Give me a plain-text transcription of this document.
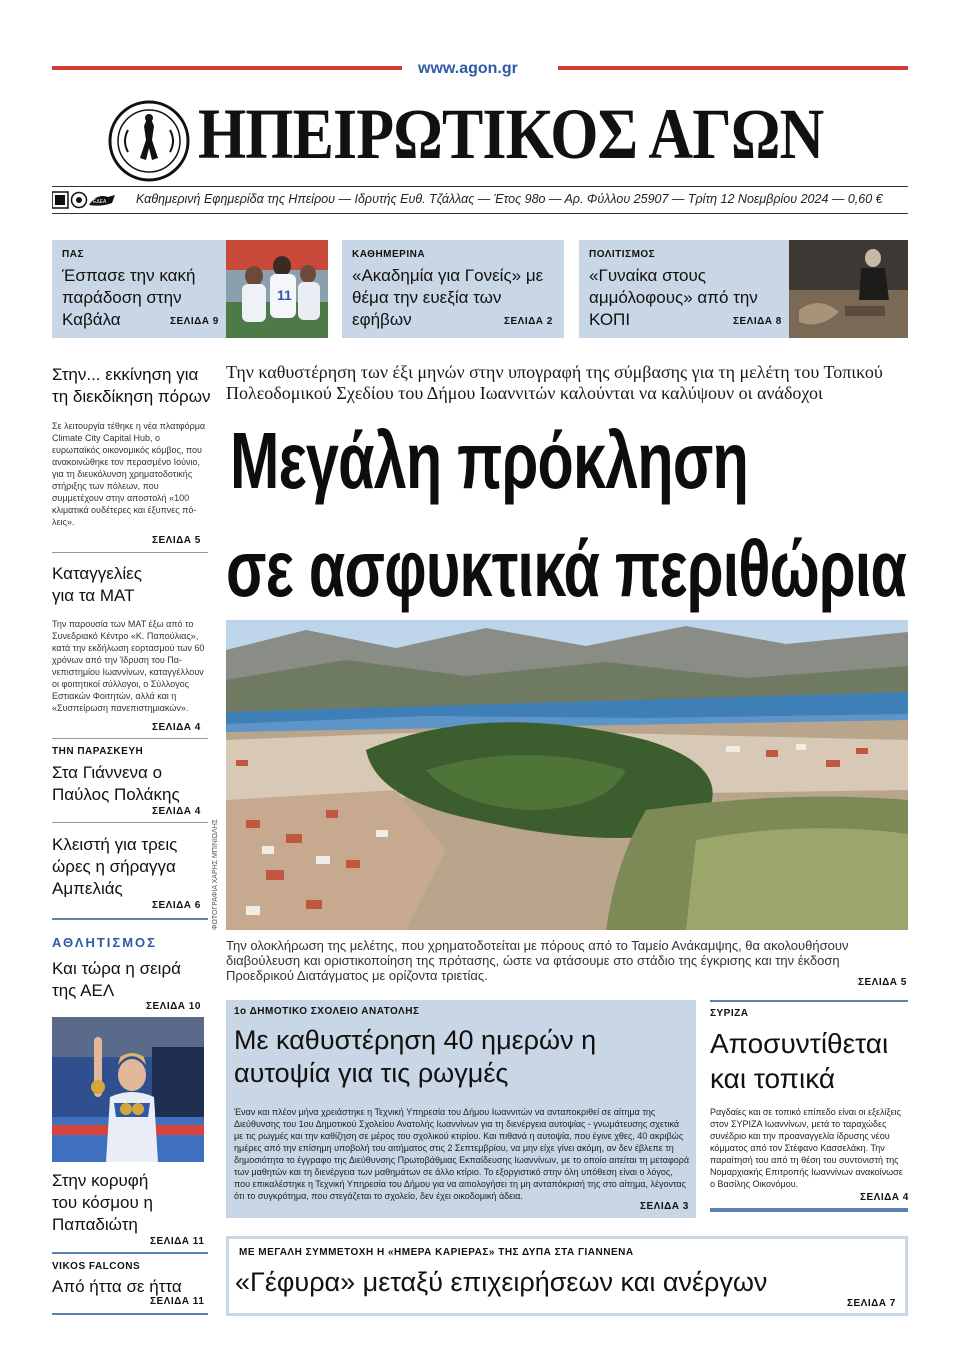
www.agon.gr
ΗΠΕΙΡΩΤΙΚΟΣ ΑΓΩΝ
ΕΔΕΑ Καθημερινή Εφημερίδα της Ηπείρου — Ιδρυτής Ευθ. Τζάλλας — Έτος 98ο — Αρ. Φύλλου 25907 — Τρίτη 12 Νοεμβρίου 2024 — 0,60 €
ΠΑΣ
Έσπασε την κακή παράδοση στην Καβάλα	ΣΕΛΙΔΑ 9
11
ΚΑΘΗΜΕΡΙΝΑ
«Ακαδημία για Γονείς» με θέμα την ευεξία των εφήβων	ΣΕΛΙΔΑ 2
ΠΟΛΙΤΙΣΜΟΣ
«Γυναίκα στους αμμόλοφους» από την ΚΟΠΙ	ΣΕΛΙΔΑ 8
Στην... εκκίνηση για τη διεκδίκηση πόρων
Σε λειτουργία τέθηκε η νέα πλατφόρμα Climate City Capital Hub, ο ευρωπαϊκός οικονομικός κόμβος, που ανακοινώθηκε τον περασμένο Ιούνιο, για τη διευκόλυνση χρηματοδοτικής στήριξης των πόλεων, που συμμετέχουν στην αποστολή «100 κλιματικά ουδέτερες και έξυπνες πόλεις».
ΣΕΛΙΔΑ 5
Καταγγελίες για τα ΜΑΤ
Την παρουσία των ΜΑΤ έξω από το Συνεδριακό Κέντρο «Κ. Παπούλιας», κατά την εκδήλωση εορτασμού των 60 χρόνων από την Ίδρυση του Πανεπιστημίου Ιωαννίνων, καταγγέλλουν οι φοιτητικοί σύλλογοι, ο Σύλλογος Εστιακών Φοιτητών, αλλά και η «Συσπείρωση πανεπιστημιακών».
ΣΕΛΙΔΑ 4
ΤΗΝ ΠΑΡΑΣΚΕΥΗ
Στα Γιάννενα ο Παύλος Πολάκης
ΣΕΛΙΔΑ 4
Κλειστή για τρεις ώρες η σήραγγα Αμπελιάς
ΣΕΛΙΔΑ 6
ΑΘΛΗΤΙΣΜΟΣ
Και τώρα η σειρά της ΑΕΛ
ΣΕΛΙΔΑ 10
Στην κορυφή του κόσμου η Παπαδιώτη
ΣΕΛΙΔΑ 11
VIKOS FALCONS
Από ήττα σε ήττα
ΣΕΛΙΔΑ 11
Την καθυστέρηση των έξι μηνών στην υπογραφή της σύμβασης για τη μελέτη του Τοπικού Πολεοδομικού Σχεδίου του Δήμου Ιωαννιτών καλούνται να καλύψουν οι ανάδοχοι
Μεγάλη πρόκληση
σε ασφυκτικά περιθώρια
ΦΩΤΟΓΡΑΦΙΑ ΧΑΡΗΣ ΜΠΙΝΙΩΛΗΣ
Την ολοκλήρωση της μελέτης, που χρηματοδοτείται με πόρους από το Ταμείο Ανάκαμψης, θα ακολουθήσουν διαβούλευση και οριστικοποίηση της πρότασης, ώστε να φτάσουμε στο στάδιο της έγκρισης και την έκδοση Προεδρικού Διατάγματος με ορίζοντα τριετίας.	ΣΕΛΙΔΑ 5
1ο ΔΗΜΟΤΙΚΟ ΣΧΟΛΕΙΟ ΑΝΑΤΟΛΗΣ
Με καθυστέρηση 40 ημερών η αυτοψία για τις ρωγμές
Έναν και πλέον μήνα χρειάστηκε η Τεχνική Υπηρεσία του Δήμου Ιωαννιτών να ανταποκριθεί σε αίτημα της Διεύθυνσης του 1ου Δημοτικού Σχολείου Ανατολής Ιωαννίνων για τη διενέργεια αυτοψίας - γνωμάτευσης σχετικά με τις ρωγμές και την καθίζηση σε μέρος του σχολικού κτιρίου. Και πιθανά η αυτοψία, που έγινε χθες, 40 ακριβώς ημέρες από την επίσημη υποβολή του αιτήματος στις 2 Σεπτεμβρίου, να μην είχε γίνει ακόμη, αν δεν έβλεπε τη δημοσιότητα το έγγραφο της Διεύθυνσης Πρωτοβάθμιας Εκπαίδευσης Ιωαννίνων, με το οποίο αιτείται τη μεταφορά των μαθητών και τη διενέργεια των μαθημάτων σε άλλο κτίριο. Το εξοργιστικό στην όλη υπόθεση είναι ο λόγος, που επικαλέστηκε η Τεχνική Υπηρεσία του Δήμου για να αιτιολογήσει τη μη ανταπόκρισή της στο αίτημα, λέγοντας ότι το συγκρότημα, που στεγάζεται το σχολείο, δεν έχει οικοδομική άδεια.
ΣΕΛΙΔΑ 3
ΣΥΡΙΖΑ
Αποσυντίθεται και τοπικά
Ραγδαίες και σε τοπικό επίπεδο είναι οι εξελίξεις στον ΣΥΡΙΖΑ Ιωαννίνων, μετά το ταραχώδες συνέδριο και την προαναγγελία ίδρυσης νέου κόμματος από τον Στέφανο Κασσελάκη. Την παραίτησή του από τη θέση του συντονιστή της Νομαρχιακής Επιτροπής Ιωαννίνων ανακοίνωσε ο Βασίλης Οικονόμου.
ΣΕΛΙΔΑ 4
ΜΕ ΜΕΓΑΛΗ ΣΥΜΜΕΤΟΧΗ Η «ΗΜΕΡΑ ΚΑΡΙΕΡΑΣ» ΤΗΣ ΔΥΠΑ ΣΤΑ ΓΙΑΝΝΕΝΑ
«Γέφυρα» μεταξύ επιχειρήσεων και ανέργων
ΣΕΛΙΔΑ 7
